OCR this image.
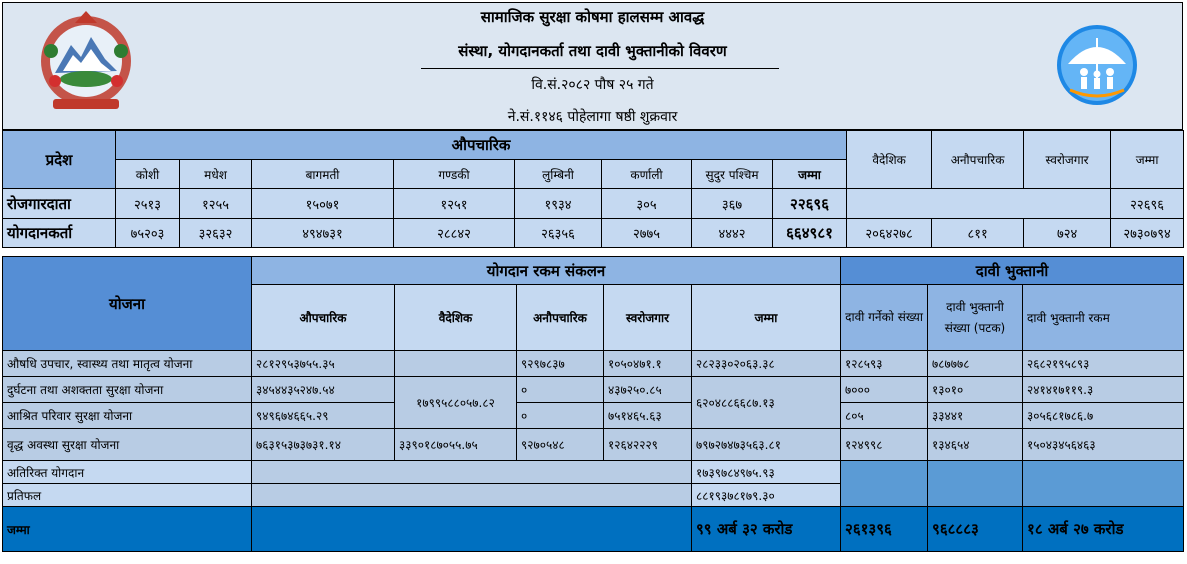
सामाजिक सुरक्षा कोषमा हालसम्म आवद्ध
संस्था, योगदानकर्ता तथा दावी भुक्तानीको विवरण
वि.सं.२०८२ पौष २५ गते
ने.सं.११४६ पोहेलागा षष्ठी शुक्रवार
प्रदेश	औपचारिक								वैदेशिक	अनौपचारिक	स्वरोजगार	जम्मा
	कोशी	मधेश	बागमती	गण्डकी	लुम्बिनी	कर्णाली	सुदुर पश्चिम	जम्मा				
रोजगारदाता	२५१३	१२५५	१५०७१	१२५१	१९३४	३०५	३६७	२२६९६				२२६९६
योगदानकर्ता	७५२०३	३२६३२	४९४७३१	२८८४२	२६३५६	२७७५	४४४२	६६४९८१	२०६४२७८	८११	७२४	२७३०७९४
योजना	योगदान रकम संकलन					दावी भुक्तानी		
	औपचारिक	वैदेशिक	अनौपचारिक	स्वरोजगार	जम्मा	दावी गर्नेको संख्या	दावी भुक्तानी संख्या (पटक)	दावी भुक्तानी रकम

औषधि उपचार, स्वास्थ्य तथा मातृत्व योजना	२८१२९५३७५५.३५		९२९७८३७	१०५०४७१.१	२८२३३०२०६३.३८	१२८५९३	७८७७७८	२६८२१९५८९३
दुर्घटना तथा अशक्तता सुरक्षा योजना	३४५४४३५२४७.५४	१७९९५८८०५७.८२	०	४३७२५०.८५	६२०४८८६६८७.१३	७०००	१३०१०	२४१४१७११९.३
आश्रित परिवार सुरक्षा योजना	९४९६७४६६५.२९		०	७५१४६५.६३		८०५	३३४४१	३०५६८१७८६.७
वृद्ध अवस्था सुरक्षा योजना	७६३१५३७३७३१.१४	३३९०१८७०५५.७५	९२७०५४८	१२६४२२२९	७९७२७४७३५६३.८१	१२४९९८	१३४६५४	१५०४३४५६४६३
अतिरिक्त योगदान					१७३९७८४९७५.९३			
प्रतिफल					८८१९३७८१७९.३०			
जम्मा					९९ अर्ब ३२ करोड	२६१३९६	९६८८८३	१८ अर्ब २७ करोड
